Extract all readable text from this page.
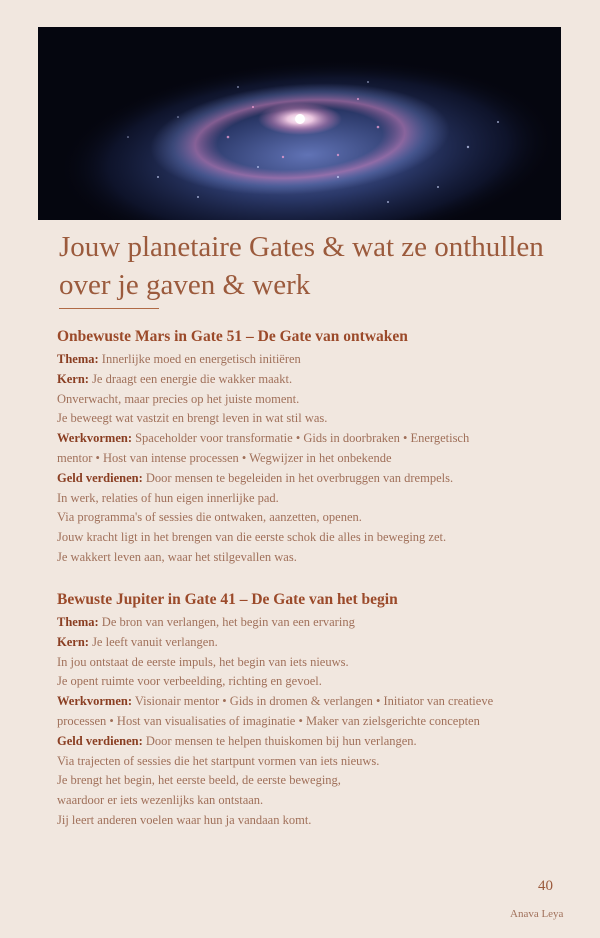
Jouw planetaire Gates & wat ze onthullen over je gaven & werk

Onbewuste Mars in Gate 51 – De Gate van ontwaken

Thema: Innerlijke moed en energetisch initiëren

Kern: Je draagt een energie die wakker maakt.

Onverwacht, maar precies op het juiste moment.

Je beweegt wat vastzit en brengt leven in wat stil was.

Werkvormen: Spaceholder voor transformatie • Gids in doorbraken • Energetisch

mentor • Host van intense processen • Wegwijzer in het onbekende

Geld verdienen: Door mensen te begeleiden in het overbruggen van drempels.

In werk, relaties of hun eigen innerlijke pad.

Via programma's of sessies die ontwaken, aanzetten, openen.

Jouw kracht ligt in het brengen van die eerste schok die alles in beweging zet.

Je wakkert leven aan, waar het stilgevallen was.

Bewuste Jupiter in Gate 41 – De Gate van het begin

Thema: De bron van verlangen, het begin van een ervaring

Kern: Je leeft vanuit verlangen.

In jou ontstaat de eerste impuls, het begin van iets nieuws.

Je opent ruimte voor verbeelding, richting en gevoel.

Werkvormen: Visionair mentor • Gids in dromen & verlangen • Initiator van creatieve

processen • Host van visualisaties of imaginatie • Maker van zielsgerichte concepten

Geld verdienen: Door mensen te helpen thuiskomen bij hun verlangen.

Via trajecten of sessies die het startpunt vormen van iets nieuws.

Je brengt het begin, het eerste beeld, de eerste beweging,

waardoor er iets wezenlijks kan ontstaan.

Jij leert anderen voelen waar hun ja vandaan komt.

40
Anava Leya
